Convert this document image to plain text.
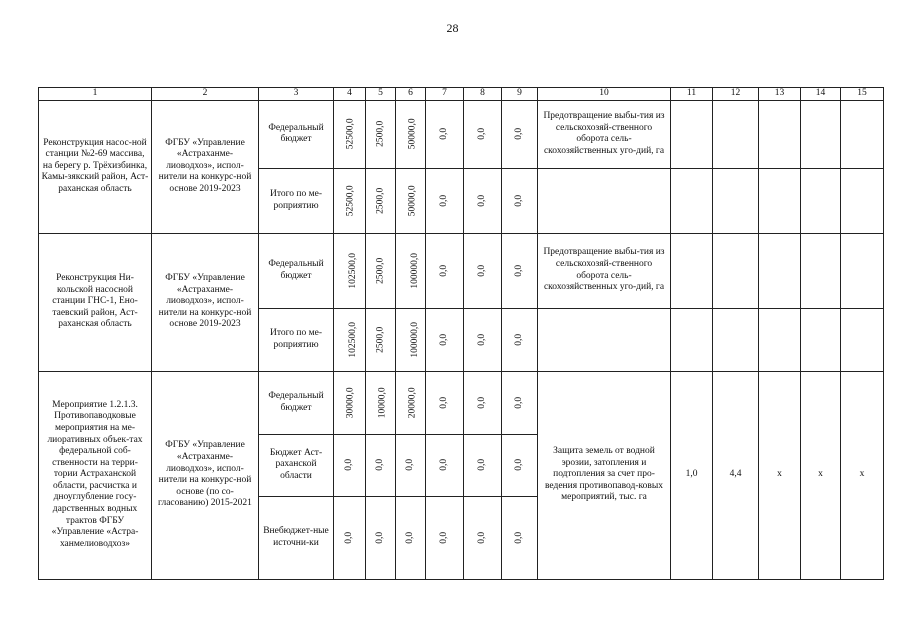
28
1	2	3	4	5	6	7	8	9	10	11	12	13	14	15
Реконструкция насос-ной станции №2-69 массива, на берегу р. Трёхизбинка, Камы-зякский район, Аст-раханская область	ФГБУ «Управление «Астраханме-лиоводхоз», испол-нители на конкурс-ной основе 2019-2023	Федеральный бюджет	52500,0	2500,0	50000,0	0,0	0,0	0,0	Предотвращение выбы-тия из сельскохозяй-ственного оборота сель-скохозяйственных уго-дий, га					
		Итого по ме-роприятию	52500,0	2500,0	50000,0	0,0	0,0	0,0						
Реконструкция Ни-кольской насосной станции ГНС-1, Ено-таевский район, Аст-раханская область	ФГБУ «Управление «Астраханме-лиоводхоз», испол-нители на конкурс-ной основе 2019-2023	Федеральный бюджет	102500,0	2500,0	100000,0	0,0	0,0	0,0	Предотвращение выбы-тия из сельскохозяй-ственного оборота сель-скохозяйственных уго-дий, га					
		Итого по ме-роприятию	102500,0	2500,0	100000,0	0,0	0,0	0,0						
Мероприятие 1.2.1.3. Противопаводковые мероприятия на ме-лиоративных объек-тах федеральной соб-ственности на терри-тории Астраханской области, расчистка и дноуглубление госу-дарственных водных трактов ФГБУ «Управление «Астра-ханмелиоводхоз»	ФГБУ «Управление «Астраханме-лиоводхоз», испол-нители на конкурс-ной основе (по со-гласованию) 2015-2021	Федеральный бюджет	30000,0	10000,0	20000,0	0,0	0,0	0,0	Защита земель от водной эрозии, затопления и подтопления за счет про-ведения противопавод-ковых мероприятий, тыс. га	1,0	4,4	x	x	x
		Бюджет Аст-раханской области	0,0	0,0	0,0	0,0	0,0	0,0						
		Внебюджет-ные источни-ки	0,0	0,0	0,0	0,0	0,0	0,0						
